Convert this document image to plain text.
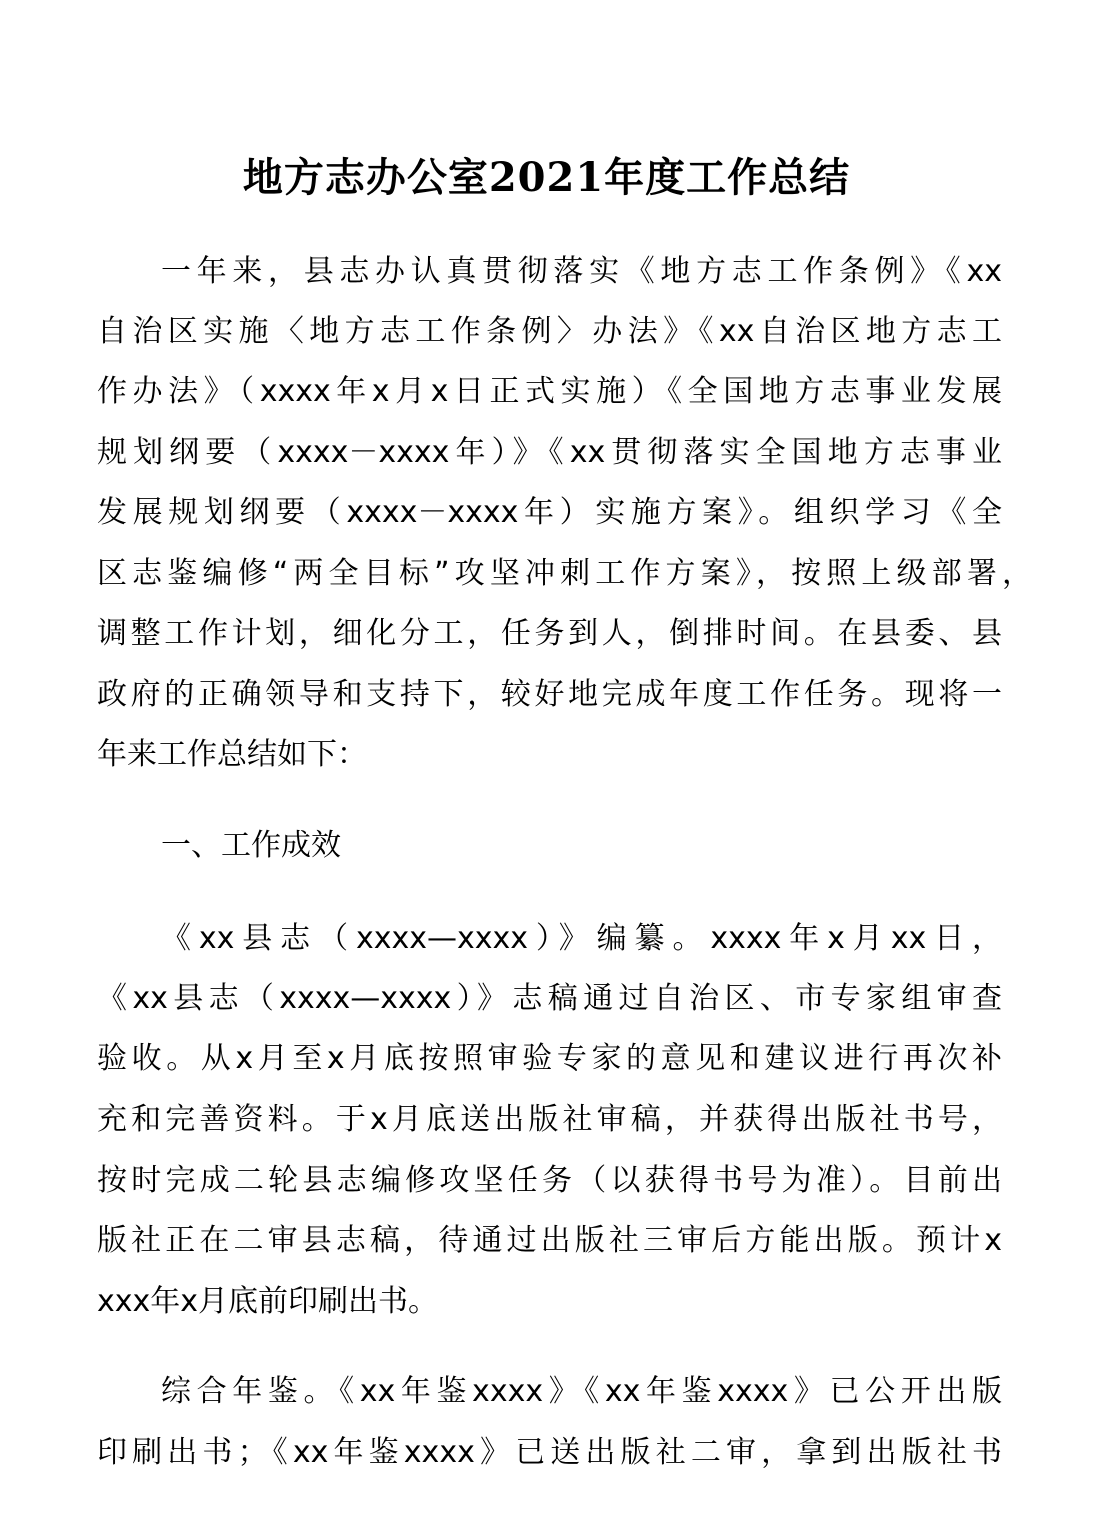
地方志办公室2021年度工作总结

一年来，县志办认真贯彻落实《地方志工作条例》《xx

自治区实施〈地方志工作条例〉办法》《xx自治区地方志工

作办法》（xxxx年x月x日正式实施）《全国地方志事业发展

规划纲要（xxxx－xxxx年）》《xx贯彻落实全国地方志事业

发展规划纲要（xxxx－xxxx年）实施方案》。组织学习《全

区志鉴编修“两全目标”攻坚冲刺工作方案》，按照上级部署，

调整工作计划，细化分工，任务到人，倒排时间。在县委、县

政府的正确领导和支持下，较好地完成年度工作任务。现将一

年来工作总结如下：

一、工作成效

《xx县志（xxxx—xxxx）》编纂。xxxx年x月xx日，

《xx县志（xxxx—xxxx）》志稿通过自治区、市专家组审查

验收。从x月至x月底按照审验专家的意见和建议进行再次补

充和完善资料。于x月底送出版社审稿，并获得出版社书号，

按时完成二轮县志编修攻坚任务（以获得书号为准）。目前出

版社正在二审县志稿，待通过出版社三审后方能出版。预计x

xxx年x月底前印刷出书。

综合年鉴。《xx年鉴xxxx》《xx年鉴xxxx》已公开出版

印刷出书；《xx年鉴xxxx》已送出版社二审，拿到出版社书
